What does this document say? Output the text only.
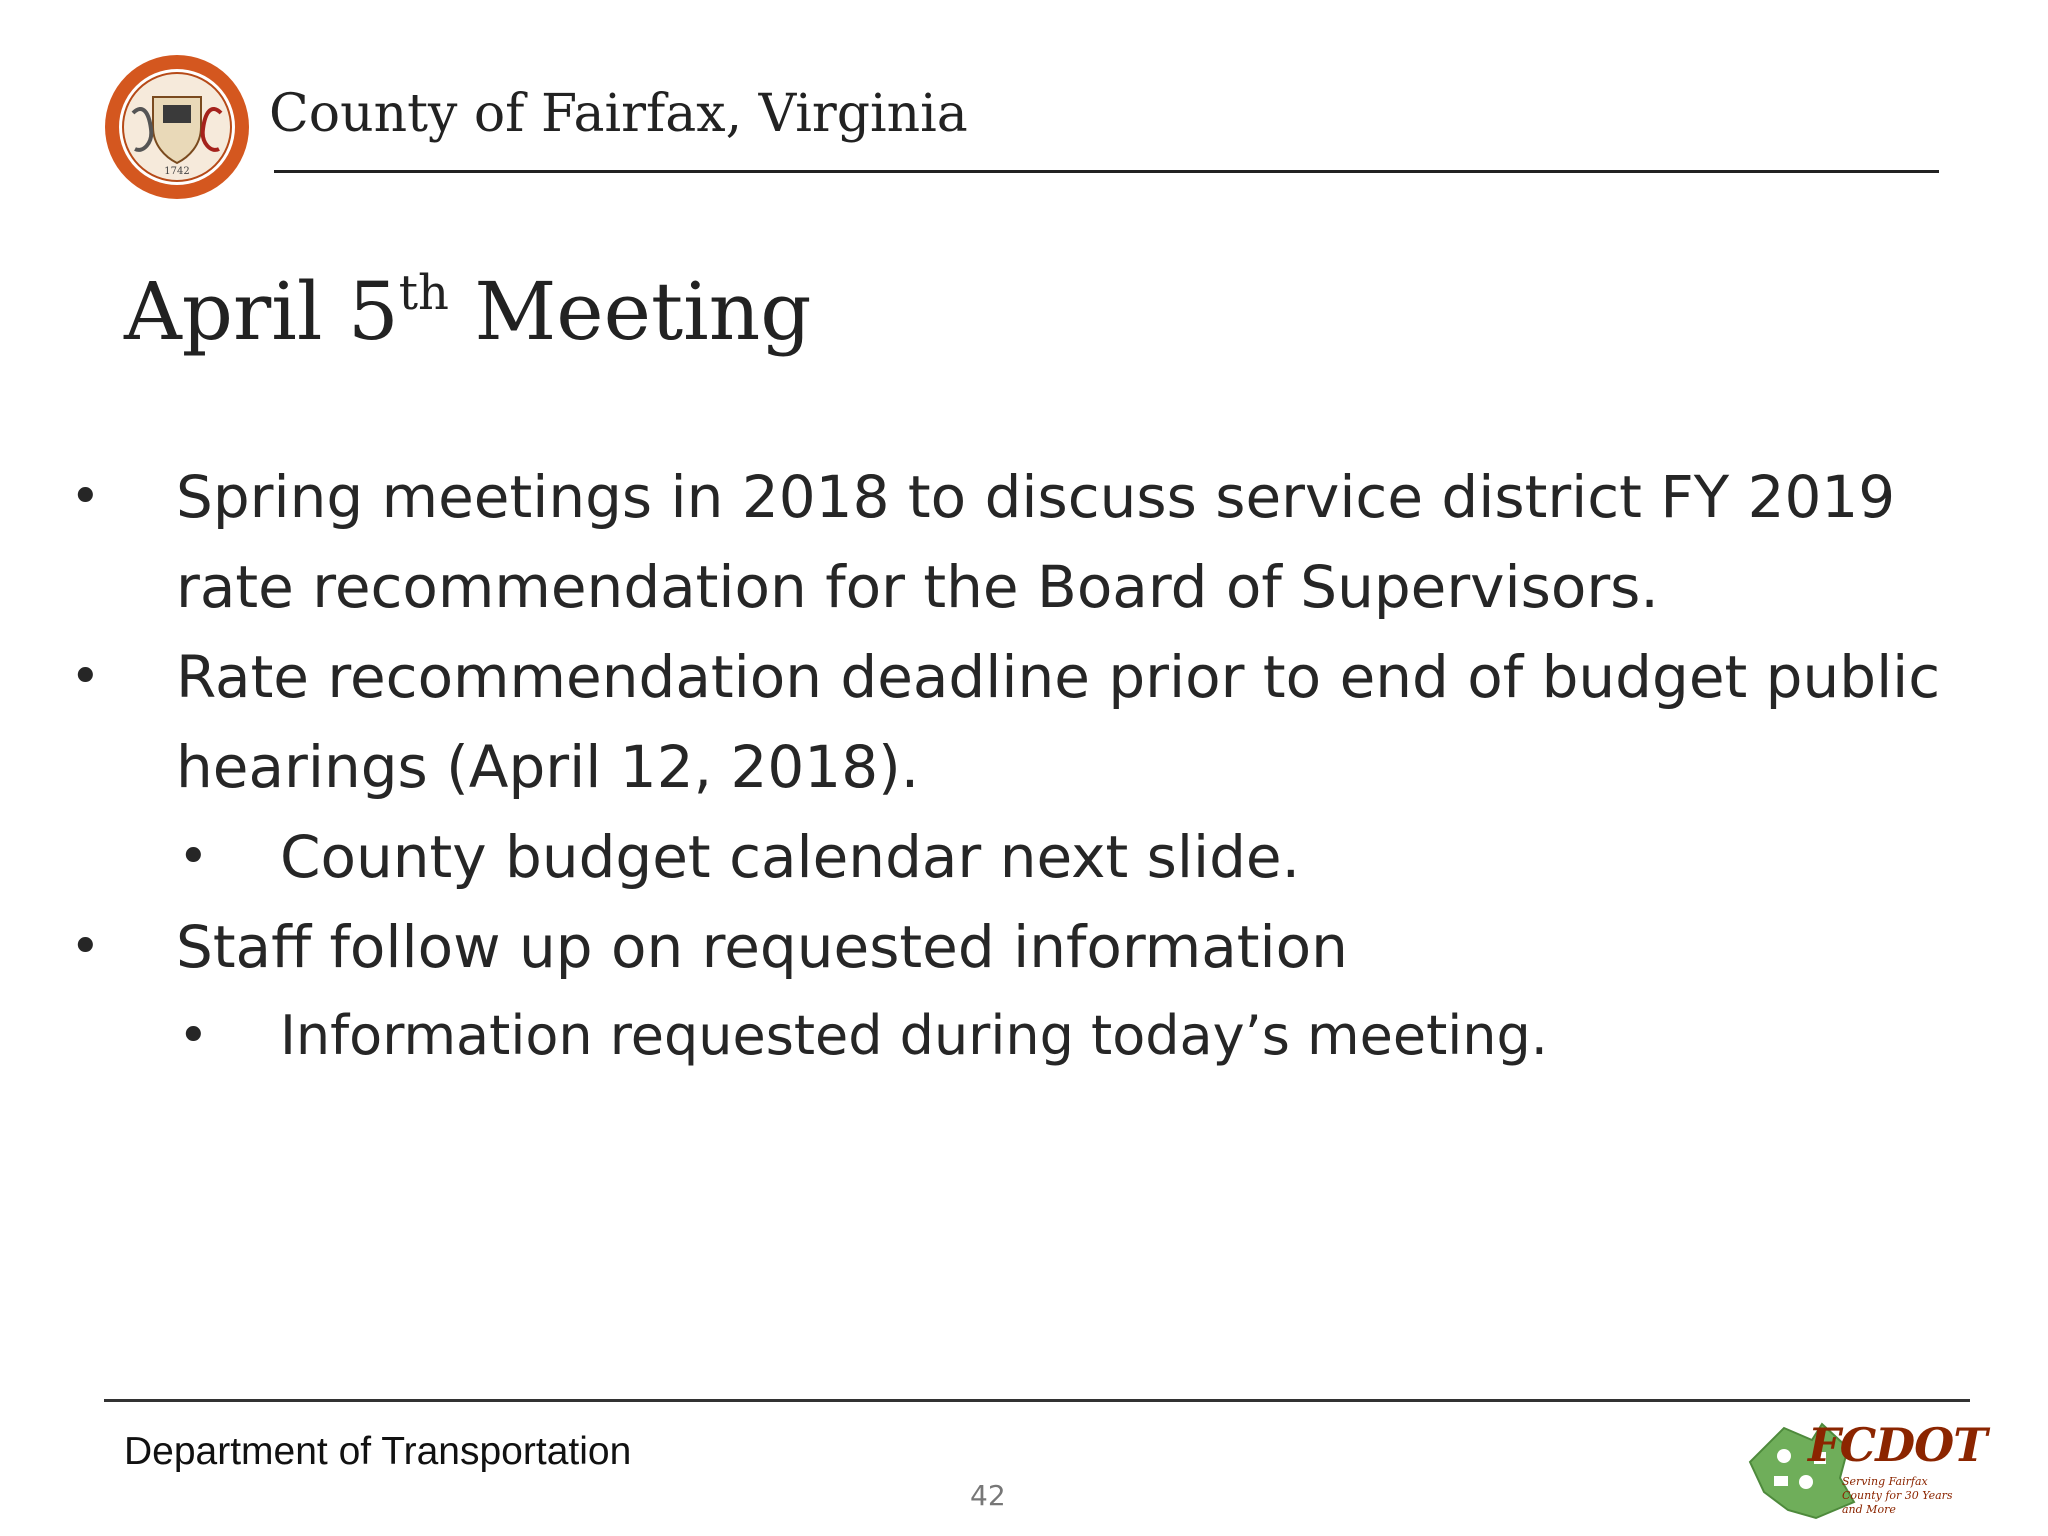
1742
County of Fairfax, Virginia
April 5th Meeting
• Spring meetings in 2018 to discuss service district FY 2019 rate recommendation for the Board of Supervisors.
• Rate recommendation deadline prior to end of budget public hearings (April 12, 2018).
• County budget calendar next slide.
• Staff follow up on requested information
• Information requested during today’s meeting.
Department of Transportation
42
FCDOT
Serving Fairfax County for 30 Years and More
